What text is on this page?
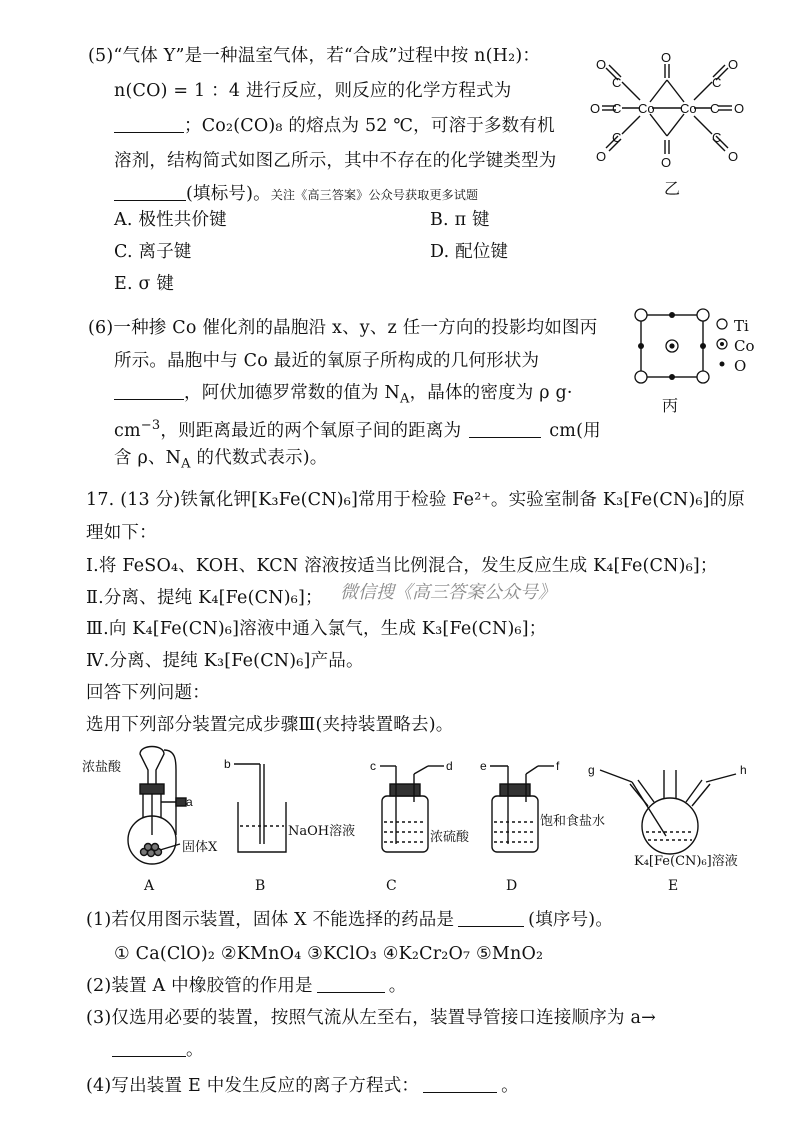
(5)“气体 Y”是一种温室气体，若“合成”过程中按 n(H₂)：
n(CO) = 1 ：4 进行反应，则反应的化学方程式为
；Co₂(CO)₈ 的熔点为 52 ℃，可溶于多数有机
溶剂，结构简式如图乙所示，其中不存在的化学键类型为
(填标号)。关注《高三答案》公众号获取更多试题
A. 极性共价键	B. π 键
C. 离子键	D. 配位键
E. σ 键
Co Co
O
O
O
O
O
O
O
O
C
C
C
C
C
C
乙
(6)一种掺 Co 催化剂的晶胞沿 x、y、z 任一方向的投影均如图丙
所示。晶胞中与 Co 最近的氧原子所构成的几何形状为
，阿伏加德罗常数的值为 $N_A$，晶体的密度为 ρ g·
$cm^{-3}$，则距离最近的两个氧原子间的距离为	cm(用
含 ρ、$N_A$ 的代数式表示)。
Ti
Co
O
丙
17. (13 分)铁氰化钾[K₃Fe(CN)₆]常用于检验 Fe²⁺。实验室制备 K₃[Fe(CN)₆]的原
理如下：
Ⅰ.将 FeSO₄、KOH、KCN 溶液按适当比例混合，发生反应生成 K₄[Fe(CN)₆]；
Ⅱ.分离、提纯 K₄[Fe(CN)₆]； 微信搜《高三答案公众号》
Ⅲ.向 K₄[Fe(CN)₆]溶液中通入氯气，生成 K₃[Fe(CN)₆]；
Ⅳ.分离、提纯 K₃[Fe(CN)₆]产品。
回答下列问题：
选用下列部分装置完成步骤Ⅲ(夹持装置略去)。
a
b	c	d e	f g	h
浓盐酸
固体X
NaOH溶液	浓硫酸
饱和食盐水
K₄[Fe(CN)₆]溶液
A	B	C	D	E
(1)若仅用图示装置，固体 X 不能选择的药品是	(填序号)。
① Ca(ClO)₂ ②KMnO₄ ③KClO₃ ④K₂Cr₂O₇ ⑤MnO₂
(2)装置 A 中橡胶管的作用是	。
(3)仅选用必要的装置，按照气流从左至右，装置导管接口连接顺序为 a→
。
(4)写出装置 E 中发生反应的离子方程式：	。
